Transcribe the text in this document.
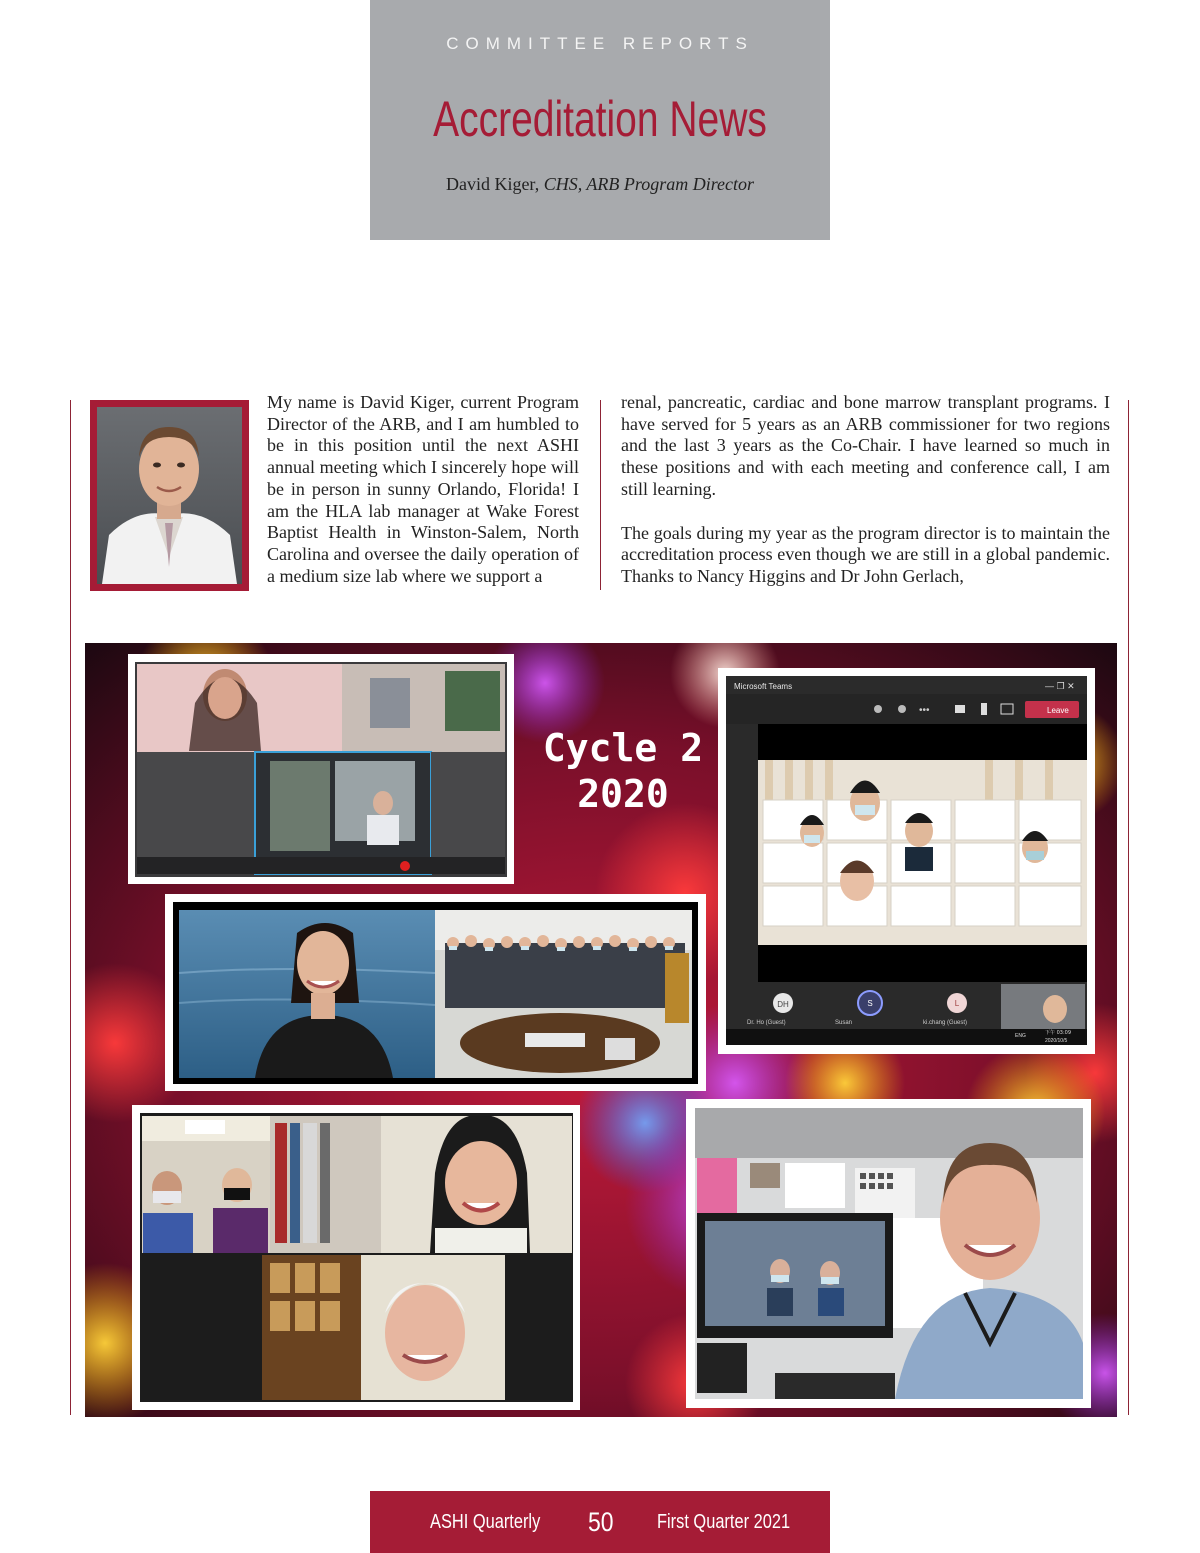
COMMITTEE REPORTS
Accreditation News
David Kiger, CHS, ARB Program Director

My name is David Kiger, current Program Director of the ARB, and I am humbled to be in this position until the next ASHI annual meeting which I sincerely hope will be in person in sunny Orlando, Florida! I am the HLA lab manager at Wake Forest Baptist Health in Winston-Salem, North Carolina and oversee the daily operation of a medium size lab where we support a

renal, pancreatic, cardiac and bone marrow transplant programs. I have served for 5 years as an ARB commissioner for two regions and the last 3 years as the Co-Chair. I have learned so much in these positions and with each meeting and conference call, I am still learning.

The goals during my year as the program director is to maintain the accreditation process even though we are still in a global pandemic. Thanks to Nancy Higgins and Dr John Gerlach,

Cycle 2
2020
Microsoft Teams	— ❐ ✕
•••	Leave
DH
Dr. Ho (Guest)
S
Susan
L
ki.chang (Guest)
ENG	下午 03:09
2020/10/5
ASHI Quarterly 50 First Quarter 2021
